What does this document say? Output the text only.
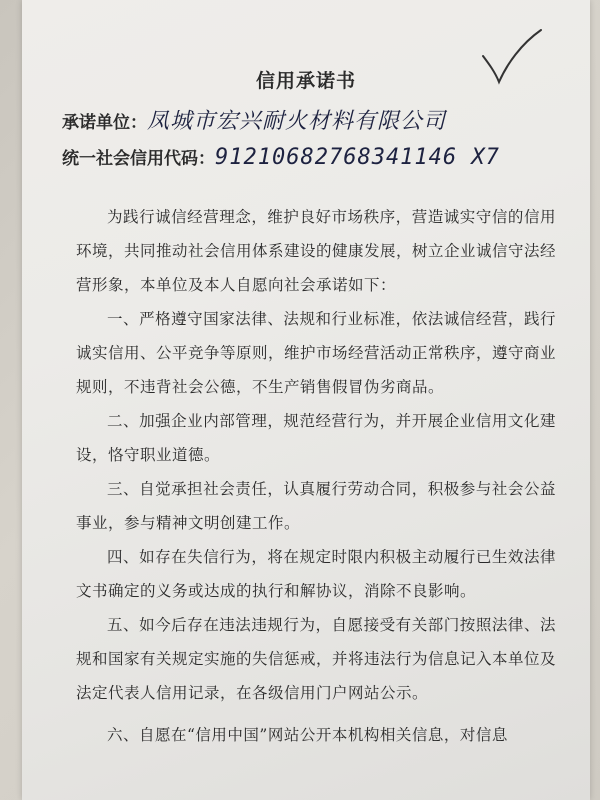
信用承诺书
承诺单位：凤城市宏兴耐火材料有限公司
统一社会信用代码：91210682768341146 X7
为践行诚信经营理念，维护良好市场秩序，营造诚实守信的信用环境，共同推动社会信用体系建设的健康发展，树立企业诚信守法经营形象，本单位及本人自愿向社会承诺如下：
一、严格遵守国家法律、法规和行业标准，依法诚信经营，践行诚实信用、公平竞争等原则，维护市场经营活动正常秩序，遵守商业规则，不违背社会公德，不生产销售假冒伪劣商品。
二、加强企业内部管理，规范经营行为，并开展企业信用文化建设，恪守职业道德。
三、自觉承担社会责任，认真履行劳动合同，积极参与社会公益事业，参与精神文明创建工作。
四、如存在失信行为，将在规定时限内积极主动履行已生效法律文书确定的义务或达成的执行和解协议，消除不良影响。
五、如今后存在违法违规行为，自愿接受有关部门按照法律、法规和国家有关规定实施的失信惩戒，并将违法行为信息记入本单位及法定代表人信用记录，在各级信用门户网站公示。
六、自愿在“信用中国”网站公开本机构相关信息，对信息
